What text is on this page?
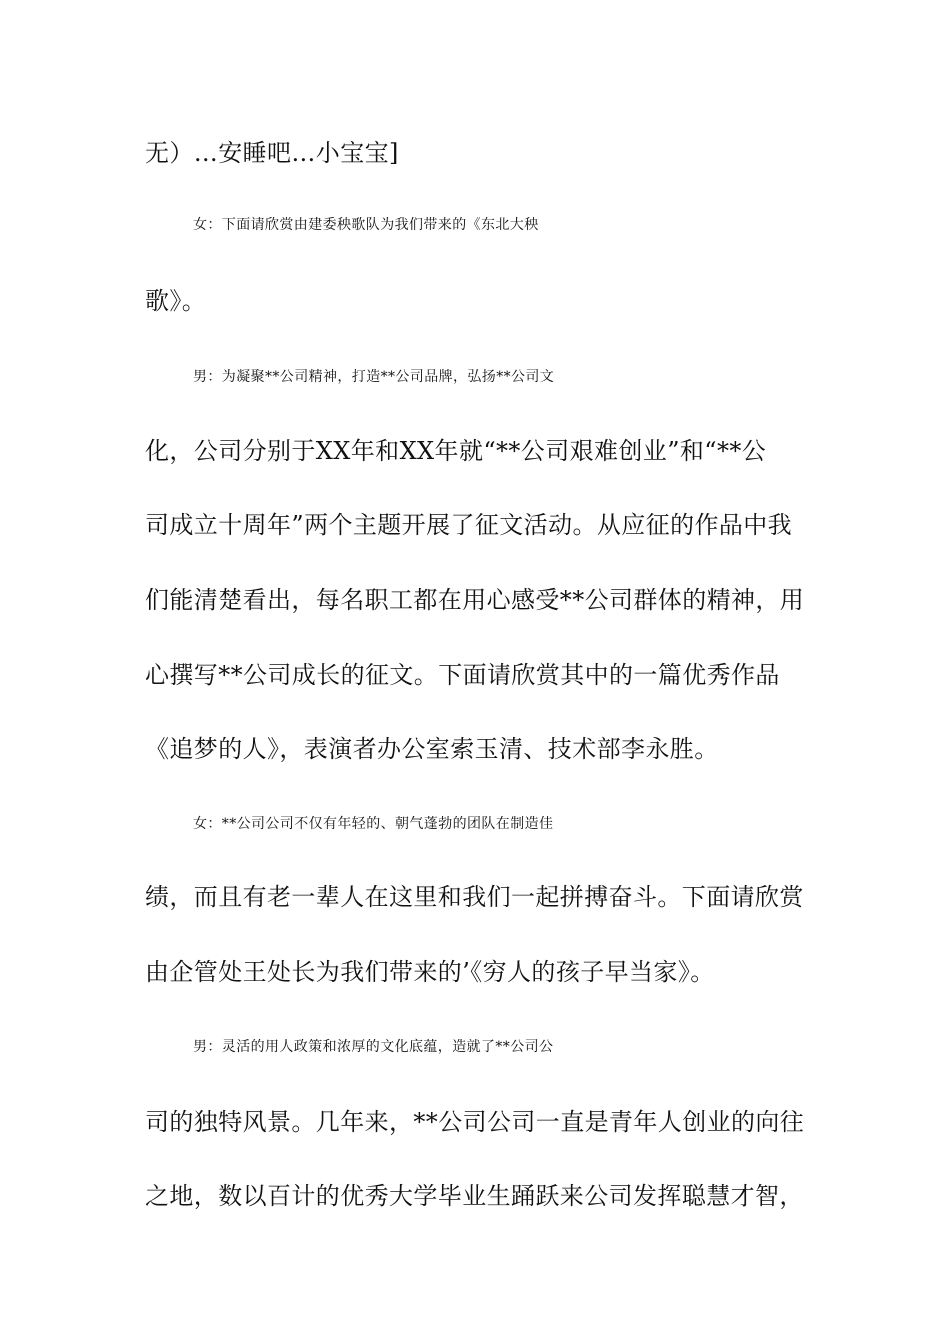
无）…安睡吧…小宝宝]

女：下面请欣赏由建委秧歌队为我们带来的《东北大秧

歌》。

男：为凝聚**公司精神，打造**公司品牌，弘扬**公司文

化，公司分别于XX年和XX年就“**公司艰难创业”和“**公

司成立十周年”两个主题开展了征文活动。从应征的作品中我

们能清楚看出，每名职工都在用心感受**公司群体的精神，用

心撰写**公司成长的征文。下面请欣赏其中的一篇优秀作品

《追梦的人》，表演者办公室索玉清、技术部李永胜。

女：**公司公司不仅有年轻的、朝气蓬勃的团队在制造佳

绩，而且有老一辈人在这里和我们一起拼搏奋斗。下面请欣赏

由企管处王处长为我们带来的’《穷人的孩子早当家》。

男：灵活的用人政策和浓厚的文化底蕴，造就了**公司公

司的独特风景。几年来，**公司公司一直是青年人创业的向往

之地，数以百计的优秀大学毕业生踊跃来公司发挥聪慧才智，
